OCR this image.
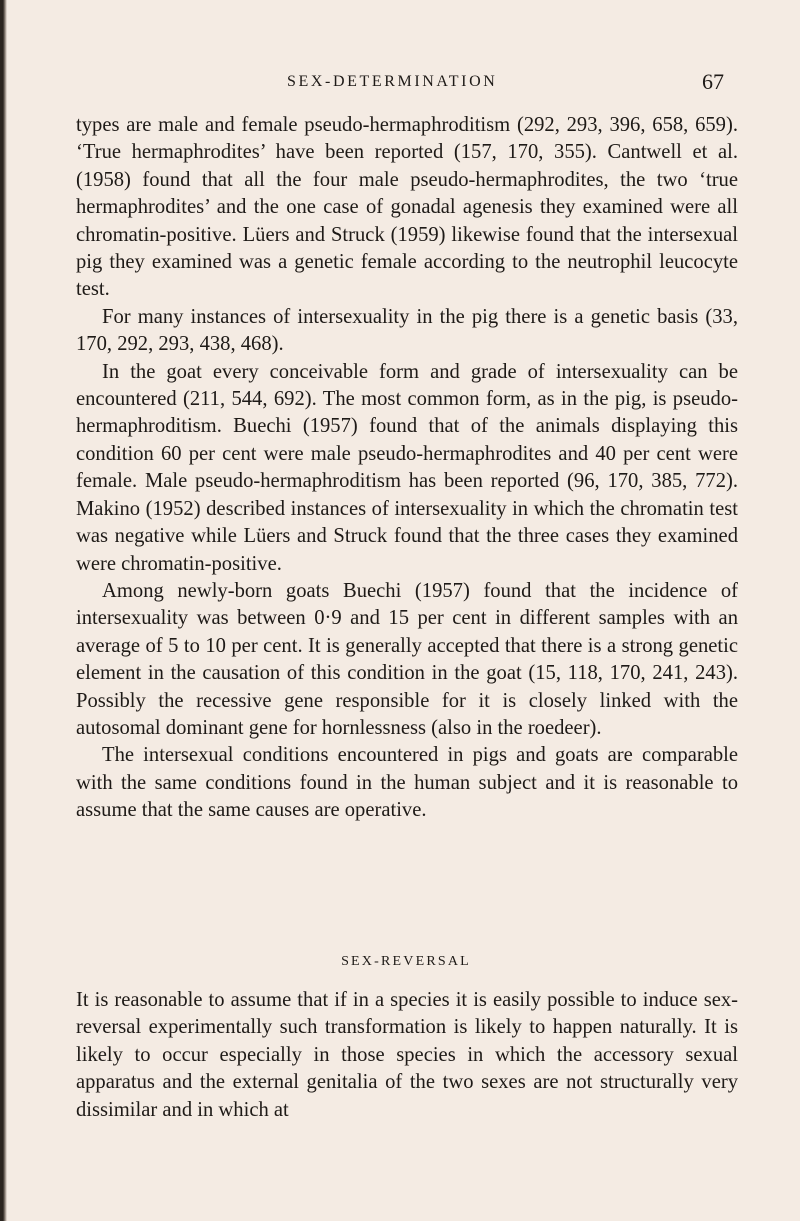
SEX-DETERMINATION	67

types are male and female pseudo-hermaphroditism (292, 293, 396, 658, 659). ‘True hermaphrodites’ have been reported (157, 170, 355). Cantwell et al. (1958) found that all the four male pseudo-hermaphrodites, the two ‘true hermaphrodites’ and the one case of gonadal agenesis they examined were all chromatin-positive. Lüers and Struck (1959) likewise found that the intersexual pig they examined was a genetic female according to the neutrophil leucocyte test.

For many instances of intersexuality in the pig there is a genetic basis (33, 170, 292, 293, 438, 468).

In the goat every conceivable form and grade of intersexuality can be encountered (211, 544, 692). The most common form, as in the pig, is pseudo-hermaphroditism. Buechi (1957) found that of the animals displaying this condition 60 per cent were male pseudo-hermaphrodites and 40 per cent were female. Male pseudo-hermaphroditism has been reported (96, 170, 385, 772). Makino (1952) described instances of intersexuality in which the chromatin test was negative while Lüers and Struck found that the three cases they examined were chromatin-positive.

Among newly-born goats Buechi (1957) found that the incidence of intersexuality was between 0·9 and 15 per cent in different samples with an average of 5 to 10 per cent. It is generally accepted that there is a strong genetic element in the causation of this condition in the goat (15, 118, 170, 241, 243). Possibly the recessive gene responsible for it is closely linked with the autosomal dominant gene for hornlessness (also in the roedeer).

The intersexual conditions encountered in pigs and goats are comparable with the same conditions found in the human subject and it is reasonable to assume that the same causes are operative.

SEX-REVERSAL

It is reasonable to assume that if in a species it is easily possible to induce sex-reversal experimentally such transformation is likely to happen naturally. It is likely to occur especially in those species in which the accessory sexual apparatus and the external genitalia of the two sexes are not structurally very dissimilar and in which at
